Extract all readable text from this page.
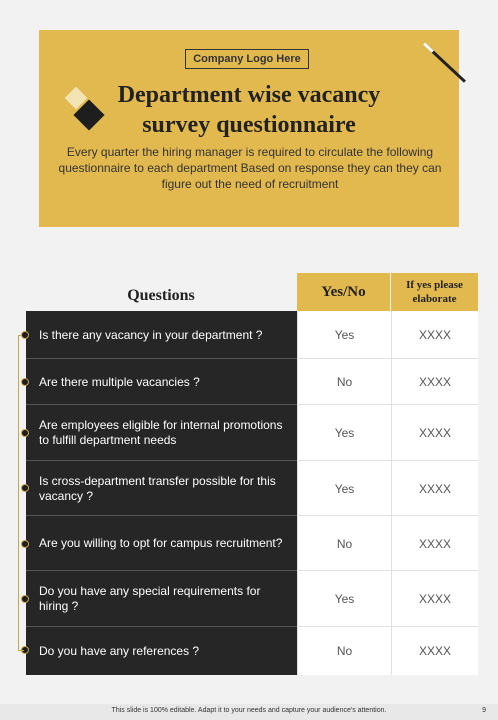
Company Logo Here
Department wise vacancy
survey questionnaire
Every quarter the hiring manager is required to circulate the following questionnaire to each department Based on response they can they can figure out the need of recruitment
Questions	Yes/No	If yes please elaborate
Is there any vacancy in your department ?	Yes	XXXX
Are there multiple vacancies ?	No	XXXX
Are employees eligible for internal promotions to fulfill department needs	Yes	XXXX
Is cross-department transfer possible for this vacancy ?	Yes	XXXX
Are you willing to opt for campus recruitment?	No	XXXX
Do you have any special requirements for hiring ?	Yes	XXXX
Do you have any references ?	No	XXXX
This slide is 100% editable. Adapt it to your needs and capture your audience's attention.	9
